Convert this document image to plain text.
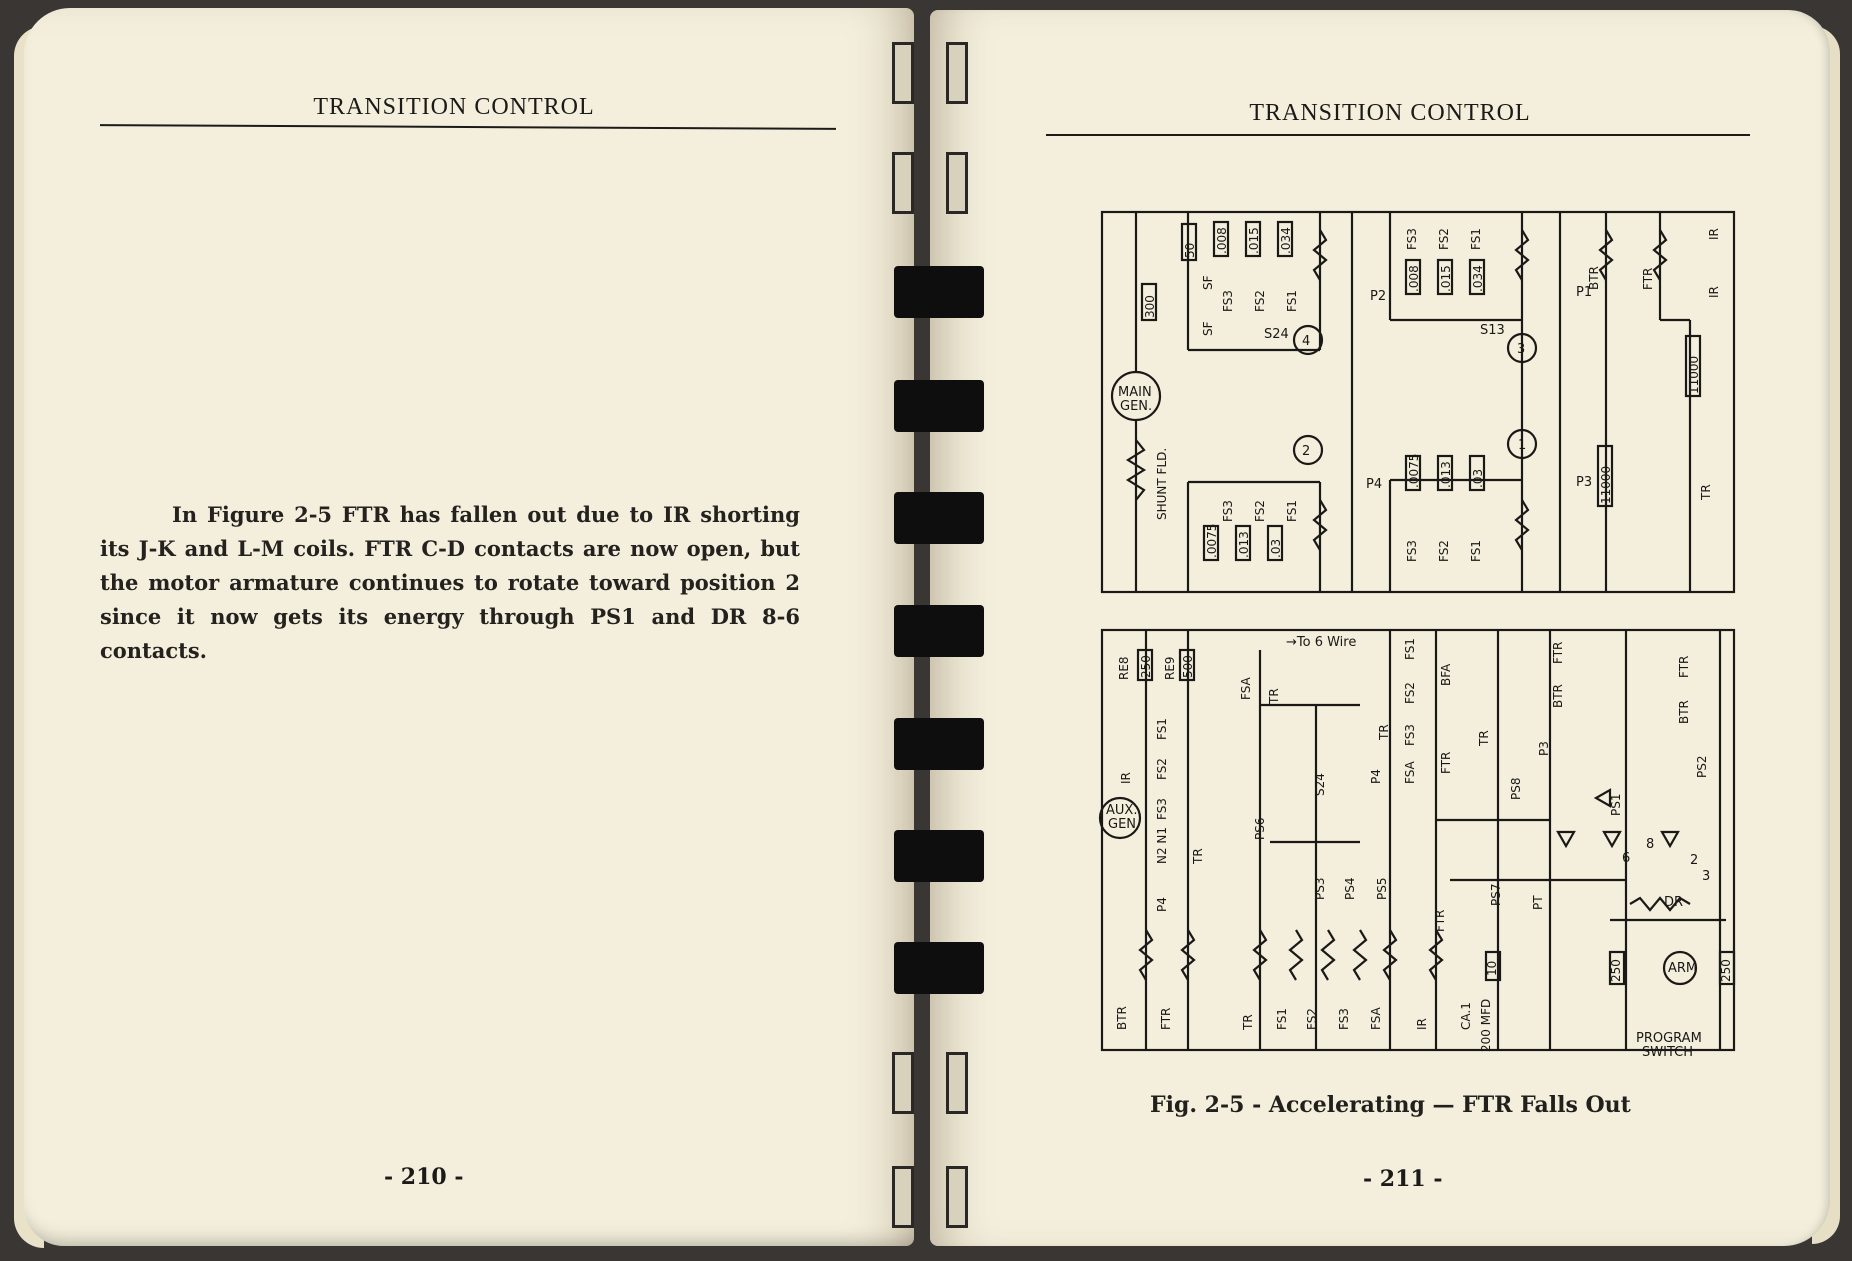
TRANSITION CONTROL

In Figure 2-5 FTR has fallen out due to IR shorting its J-K and L-M coils. FTR C-D contacts are now open, but the motor armature continues to rotate toward position 2 since it now gets its energy through PS1 and DR 8-6 contacts.

- 210 -
TRANSITION CONTROL
- 211 -
MAIN
GEN.
4
2
3
1
S24	S13
P2	P1
P4	P3
50
300
.008 .015 .034
.008 .015 .034
.0075 .013 .03
.0075 .013 .03
11000
11000
SHUNT FLD.
SF
SF
FS3 FS2 FS1
FS3 FS2 FS1
FS3 FS2 FS1
FS3 FS2 FS1
BTR	FTR
IR
IR
TR
AUX.
GEN
ARM
→To 6 Wire
DR
PROGRAM
SWITCH
6
8
2
3
RE8 250 500
RE9
FS1
FS2
FS3
N2 N1
P4
TR
IR
BTR	FTR
FSA TR
PS6
S24
PS3 PS4 PS5
P4
TR
TR FS1 FS2 FS3 FSA	IR	CA.1 200 MFD
10
FS1
FS2
FS3
FSA
BFA
FTR
TR
PS8
P3
BTR
FTR
PS1
FTR
BTR
PS2
FTR
PS7 PT
250	250
Fig. 2-5 - Accelerating — FTR Falls Out
